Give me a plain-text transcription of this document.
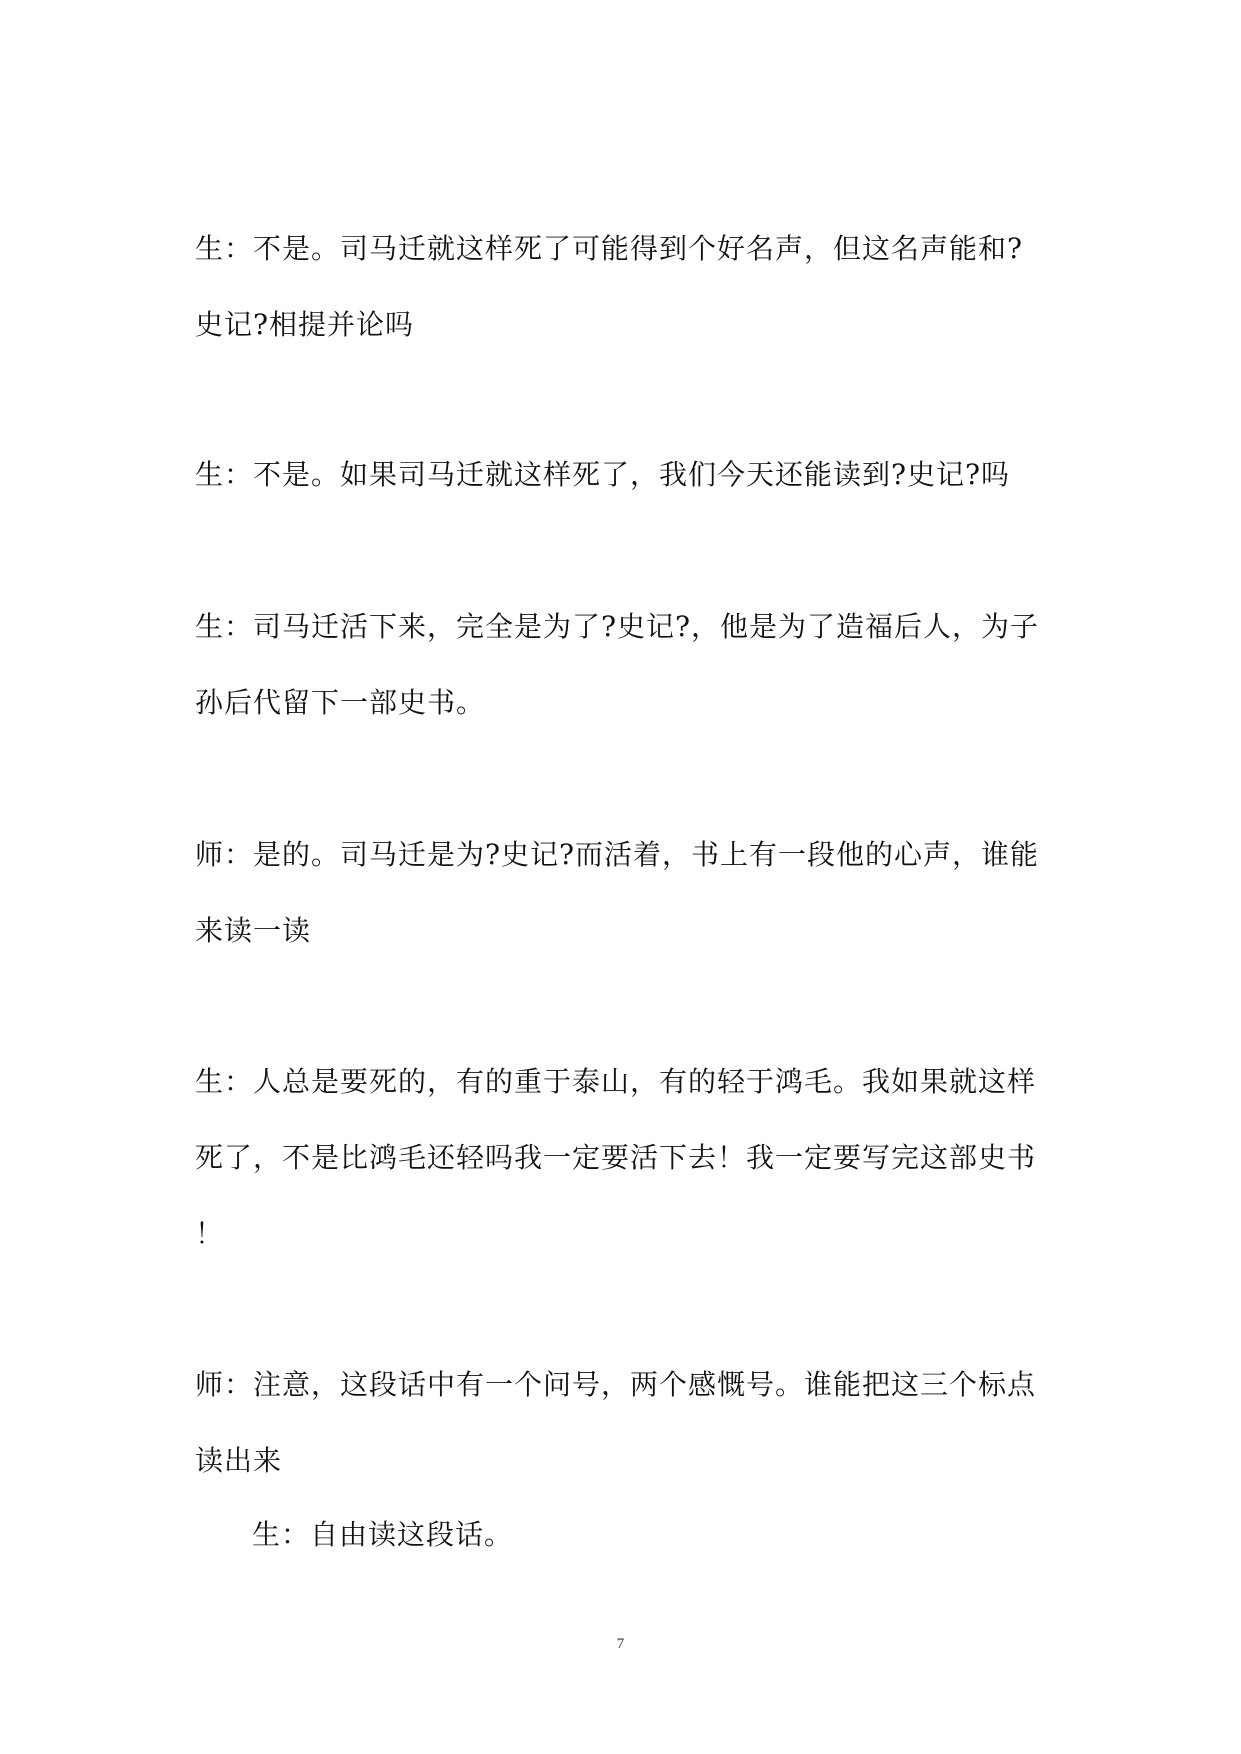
生：不是。司马迁就这样死了可能得到个好名声，但这名声能和?
史记?相提并论吗
生：不是。如果司马迁就这样死了，我们今天还能读到?史记?吗
生：司马迁活下来，完全是为了?史记?，他是为了造福后人，为子
孙后代留下一部史书。
师：是的。司马迁是为?史记?而活着，书上有一段他的心声，谁能
来读一读
生：人总是要死的，有的重于泰山，有的轻于鸿毛。我如果就这样
死了，不是比鸿毛还轻吗我一定要活下去！我一定要写完这部史书
！
师：注意，这段话中有一个问号，两个感慨号。谁能把这三个标点
读出来
生：自由读这段话。
7
